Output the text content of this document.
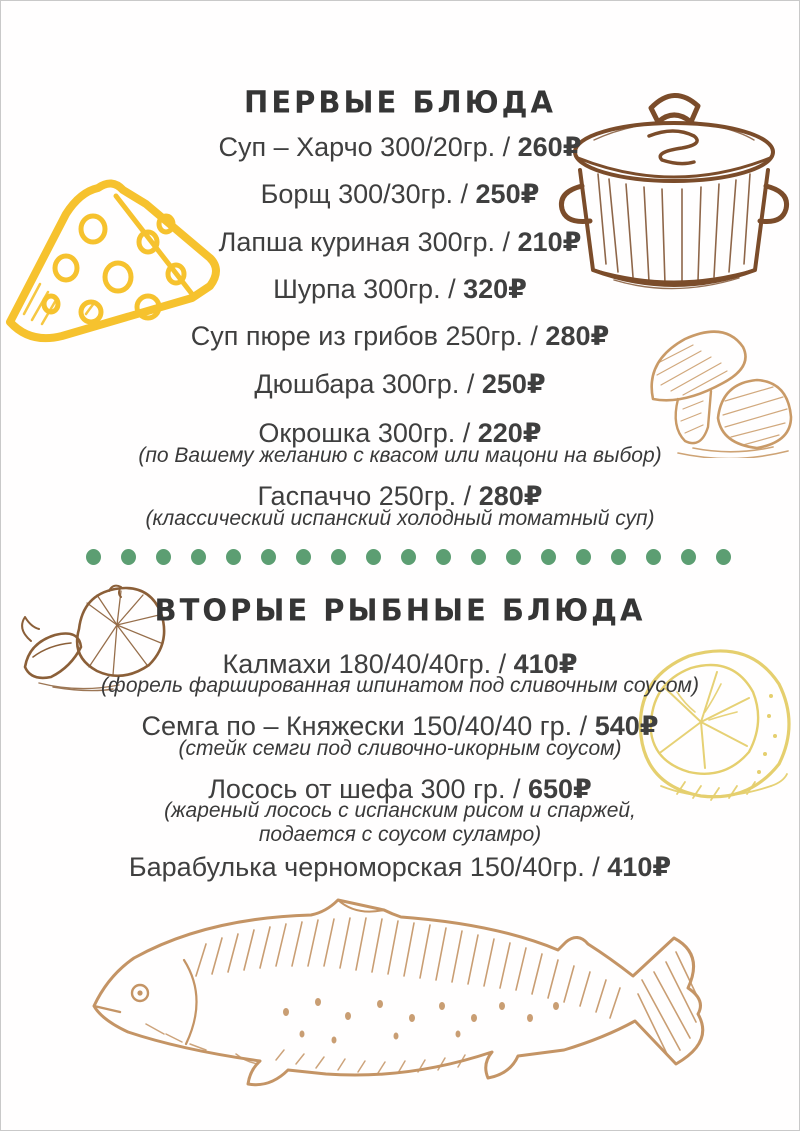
ПЕРВЫЕ БЛЮДА
Суп – Харчо 300/20гр. / 260₽
Борщ 300/30гр. / 250₽
Лапша куриная 300гр. / 210₽
Шурпа 300гр. / 320₽
Суп пюре из грибов 250гр. / 280₽
Дюшбара 300гр. / 250₽
Окрошка 300гр. / 220₽
(по Вашему желанию с квасом или мацони на выбор)
Гаспаччо 250гр. / 280₽
(классический испанский холодный томатный суп)
ВТОРЫЕ РЫБНЫЕ БЛЮДА
Калмахи 180/40/40гр. / 410₽
(форель фаршированная шпинатом под сливочным соусом)
Семга по – Княжески 150/40/40 гр. / 540₽
(стейк семги под сливочно-икорным соусом)
Лосось от шефа 300 гр. / 650₽
(жареный лосось с испанским рисом и спаржей, подается с соусом суламро)
Барабулька черноморская 150/40гр. / 410₽
